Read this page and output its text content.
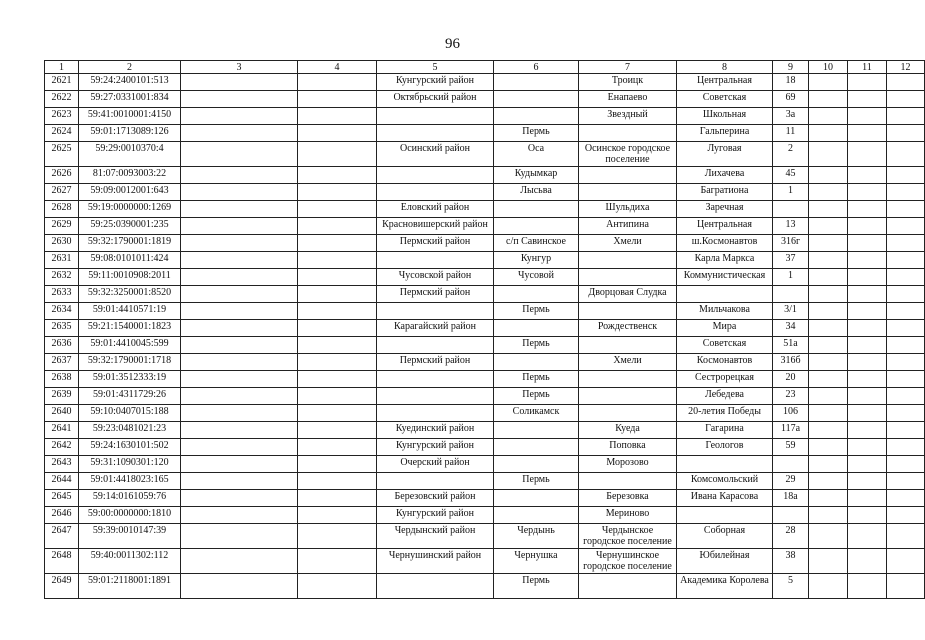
96
1	2	3	4	5	6	7	8	9	10	11	12
2621	59:24:2400101:513			Кунгурский район		Троицк	Центральная	18			
2622	59:27:0331001:834			Октябрьский район		Енапаево	Советская	69			
2623	59:41:0010001:4150					Звездный	Школьная	3а			
2624	59:01:1713089:126				Пермь		Гальперина	11			
2625	59:29:0010370:4			Осинский район	Оса	Осинское городское поселение	Луговая	2			
2626	81:07:0093003:22				Кудымкар		Лихачева	45			
2627	59:09:0012001:643				Лысьва		Багратиона	1			
2628	59:19:0000000:1269			Еловский район		Шульдиха	Заречная				
2629	59:25:0390001:235			Красновишерский район		Антипина	Центральная	13			
2630	59:32:1790001:1819			Пермский район	с/п Савинское	Хмели	ш.Космонавтов	316г			
2631	59:08:0101011:424				Кунгур		Карла Маркса	37			
2632	59:11:0010908:2011			Чусовской район	Чусовой		Коммунистическая	1			
2633	59:32:3250001:8520			Пермский район		Дворцовая Слудка					
2634	59:01:4410571:19				Пермь		Мильчакова	3/1			
2635	59:21:1540001:1823			Карагайский район		Рождественск	Мира	34			
2636	59:01:4410045:599				Пермь		Советская	51а			
2637	59:32:1790001:1718			Пермский район		Хмели	Космонавтов	316б			
2638	59:01:3512333:19				Пермь		Сестрорецкая	20			
2639	59:01:4311729:26				Пермь		Лебедева	23			
2640	59:10:0407015:188				Соликамск		20-летия Победы	106			
2641	59:23:0481021:23			Куединский район		Куеда	Гагарина	117а			
2642	59:24:1630101:502			Кунгурский район		Поповка	Геологов	59			
2643	59:31:1090301:120			Очерский район		Морозово					
2644	59:01:4418023:165				Пермь		Комсомольский	29			
2645	59:14:0161059:76			Березовский район		Березовка	Ивана Карасова	18а			
2646	59:00:0000000:1810			Кунгурский район		Мериново					
2647	59:39:0010147:39			Чердынский район	Чердынь	Чердынское городское поселение	Соборная	28			
2648	59:40:0011302:112			Чернушинский район	Чернушка	Чернушинское городское поселение	Юбилейная	38			
2649	59:01:2118001:1891				Пермь		Академика Королева	5			
